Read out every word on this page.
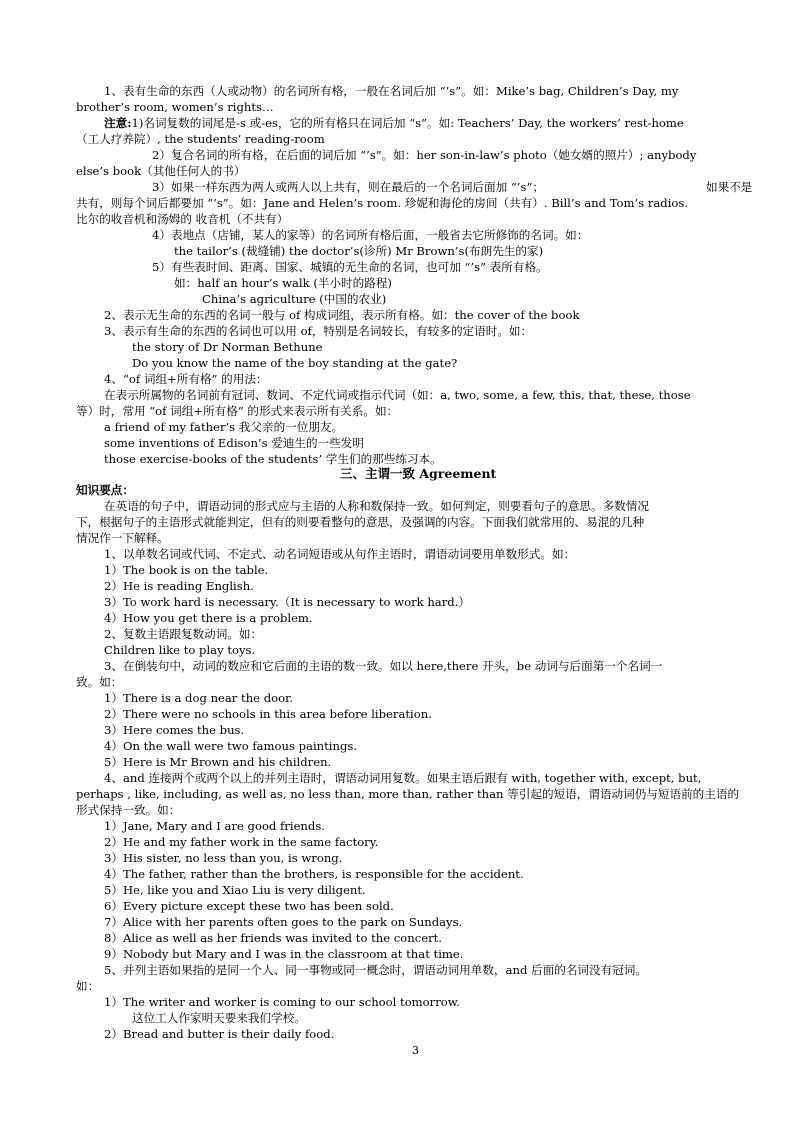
1、表有生命的东西（人或动物）的名词所有格，一般在名词后加 “’s”。如：Mike’s bag, Children’s Day, my
brother’s room, women’s rights…
注意:1)名词复数的词尾是-s 或-es，它的所有格只在词后加 “s”。如: Teachers’ Day, the workers’ rest-home
（工人疗养院）, the students’ reading-room
2）复合名词的所有格，在后面的词后加 “’s”。如：her son-in-law’s photo（她女婿的照片）; anybody
else’s book（其他任何人的书）
3）如果一样东西为两人或两人以上共有，则在最后的一个名词后面加 “’s”；	如果不是
共有，则每个词后都要加 “’s”。如：Jane and Helen’s room. 珍妮和海伦的房间（共有）. Bill’s and Tom’s radios.
比尔的收音机和汤姆的 收音机（不共有）
4）表地点（店铺，某人的家等）的名词所有格后面，一般省去它所修饰的名词。如：
the tailor’s (裁缝铺) the doctor’s(诊所) Mr Brown’s(布朗先生的家)
5）有些表时间、距离、国家、城镇的无生命的名词，也可加 “’s” 表所有格。
如：half an hour’s walk (半小时的路程)
China’s agriculture (中国的农业)
2、表示无生命的东西的名词一般与 of 构成词组，表示所有格。如：the cover of the book
3、表示有生命的东西的名词也可以用 of，特别是名词较长，有较多的定语时。如：
the story of Dr Norman Bethune
Do you know the name of the boy standing at the gate?
4、“of 词组+所有格” 的用法：
在表示所属物的名词前有冠词、数词、不定代词或指示代词（如：a, two, some, a few, this, that, these, those
等）时，常用 “of 词组+所有格” 的形式来表示所有关系。如：
a friend of my father’s 我父亲的一位朋友。
some inventions of Edison’s 爱迪生的一些发明
those exercise-books of the students’ 学生们的那些练习本。
三、主谓一致 Agreement
知识要点：
在英语的句子中，谓语动词的形式应与主语的人称和数保持一致。如何判定，则要看句子的意思。多数情况
下，根据句子的主语形式就能判定，但有的则要看整句的意思，及强调的内容。下面我们就常用的、易混的几种
情况作一下解释。
1、以单数名词或代词、不定式、动名词短语或从句作主语时，谓语动词要用单数形式。如：
1）The book is on the table.
2）He is reading English.
3）To work hard is necessary.（It is necessary to work hard.）
4）How you get there is a problem.
2、复数主语跟复数动词。如：
Children like to play toys.
3、在倒装句中，动词的数应和它后面的主语的数一致。如以 here,there 开头，be 动词与后面第一个名词一
致。如：
1）There is a dog near the door.
2）There were no schools in this area before liberation.
3）Here comes the bus.
4）On the wall were two famous paintings.
5）Here is Mr Brown and his children.
4、and 连接两个或两个以上的并列主语时，谓语动词用复数。如果主语后跟有 with, together with, except, but,
perhaps , like, including, as well as, no less than, more than, rather than 等引起的短语，谓语动词仍与短语前的主语的
形式保持一致。如：
1）Jane, Mary and I are good friends.
2）He and my father work in the same factory.
3）His sister, no less than you, is wrong.
4）The father, rather than the brothers, is responsible for the accident.
5）He, like you and Xiao Liu is very diligent.
6）Every picture except these two has been sold.
7）Alice with her parents often goes to the park on Sundays.
8）Alice as well as her friends was invited to the concert.
9）Nobody but Mary and I was in the classroom at that time.
5、并列主语如果指的是同一个人、同一事物或同一概念时，谓语动词用单数，and 后面的名词没有冠词。
如：
1）The writer and worker is coming to our school tomorrow.
这位工人作家明天要来我们学校。
2）Bread and butter is their daily food.
3
